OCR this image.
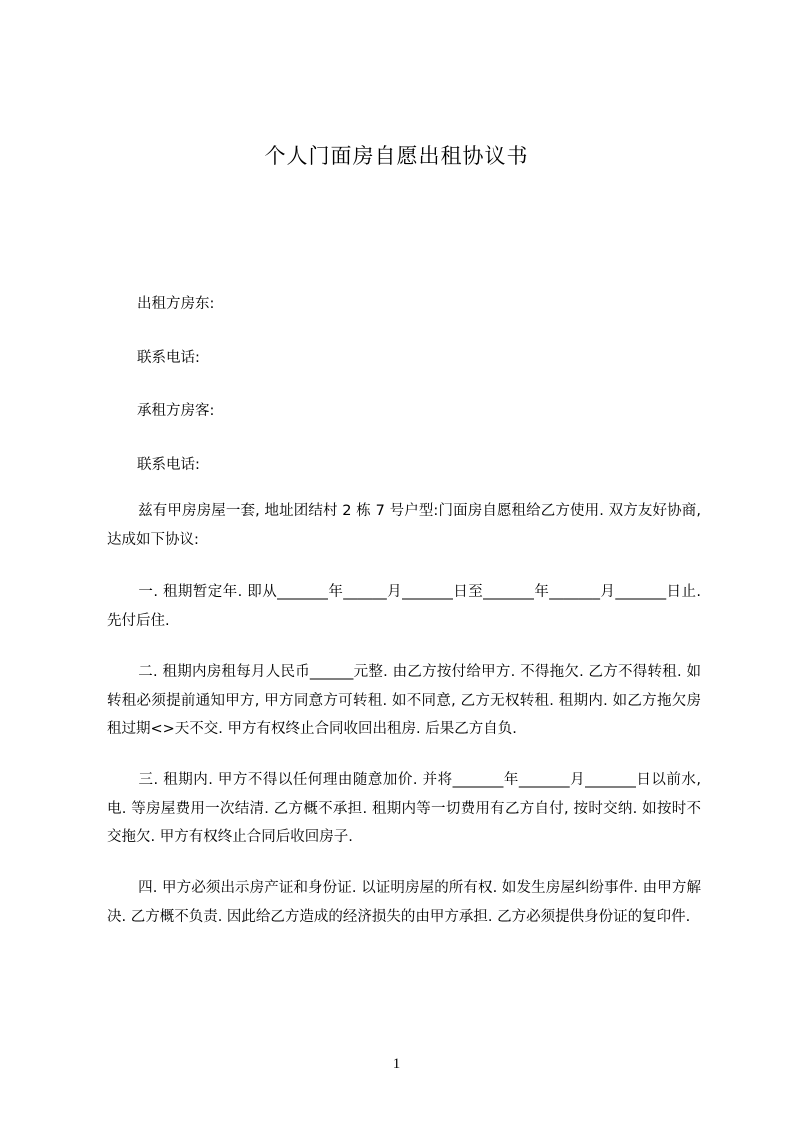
个人门面房自愿出租协议书
出租方房东:
联系电话:
承租方房客:
联系电话:
兹有甲房房屋一套, 地址团结村 2 栋 7 号户型:门面房自愿租给乙方使用. 双方友好协商, 达成如下协议:
一. 租期暂定年. 即从_______年______月_______日至_______年_______月_______日止. 先付后住.
二. 租期内房租每月人民币______元整. 由乙方按付给甲方. 不得拖欠. 乙方不得转租. 如转租必须提前通知甲方, 甲方同意方可转租. 如不同意, 乙方无权转租. 租期内. 如乙方拖欠房租过期<>天不交. 甲方有权终止合同收回出租房. 后果乙方自负.
三. 租期内. 甲方不得以任何理由随意加价. 并将_______年_______月_______日以前水, 电. 等房屋费用一次结清. 乙方概不承担. 租期内等一切费用有乙方自付, 按时交纳. 如按时不交拖欠. 甲方有权终止合同后收回房子.
四. 甲方必须出示房产证和身份证. 以证明房屋的所有权. 如发生房屋纠纷事件. 由甲方解决. 乙方概不负责. 因此给乙方造成的经济损失的由甲方承担. 乙方必须提供身份证的复印件.
1
